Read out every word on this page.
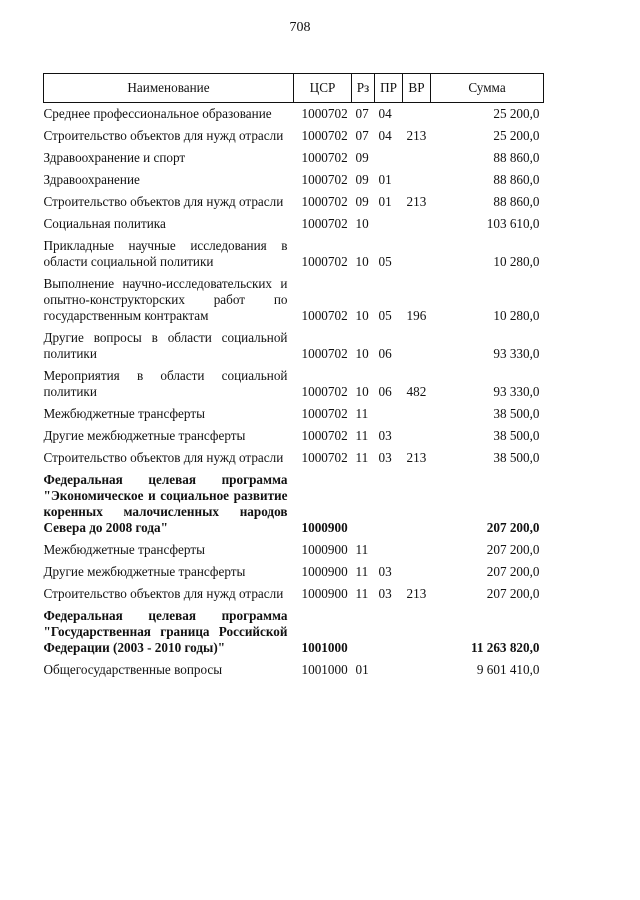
708
Наименование	ЦСР	Рз	ПР	ВР	Сумма
Среднее профессиональное образование	1000702	07	04		25 200,0
Строительство объектов для нужд отрасли	1000702	07	04	213	25 200,0
Здравоохранение и спорт	1000702	09			88 860,0
Здравоохранение	1000702	09	01		88 860,0
Строительство объектов для нужд отрасли	1000702	09	01	213	88 860,0
Социальная политика	1000702	10			103 610,0
Прикладные научные исследования в области социальной политики	1000702	10	05		10 280,0
Выполнение научно-исследовательских и опытно-конструкторских работ по государственным контрактам	1000702	10	05	196	10 280,0
Другие вопросы в области социальной политики	1000702	10	06		93 330,0
Мероприятия в области социальной политики	1000702	10	06	482	93 330,0
Межбюджетные трансферты	1000702	11			38 500,0
Другие межбюджетные трансферты	1000702	11	03		38 500,0
Строительство объектов для нужд отрасли	1000702	11	03	213	38 500,0
Федеральная целевая программа "Экономическое и социальное развитие коренных малочисленных народов Севера до 2008 года"	1000900				207 200,0
Межбюджетные трансферты	1000900	11			207 200,0
Другие межбюджетные трансферты	1000900	11	03		207 200,0
Строительство объектов для нужд отрасли	1000900	11	03	213	207 200,0
Федеральная целевая программа "Государственная граница Российской Федерации (2003 - 2010 годы)"	1001000				11 263 820,0
Общегосударственные вопросы	1001000	01			9 601 410,0
